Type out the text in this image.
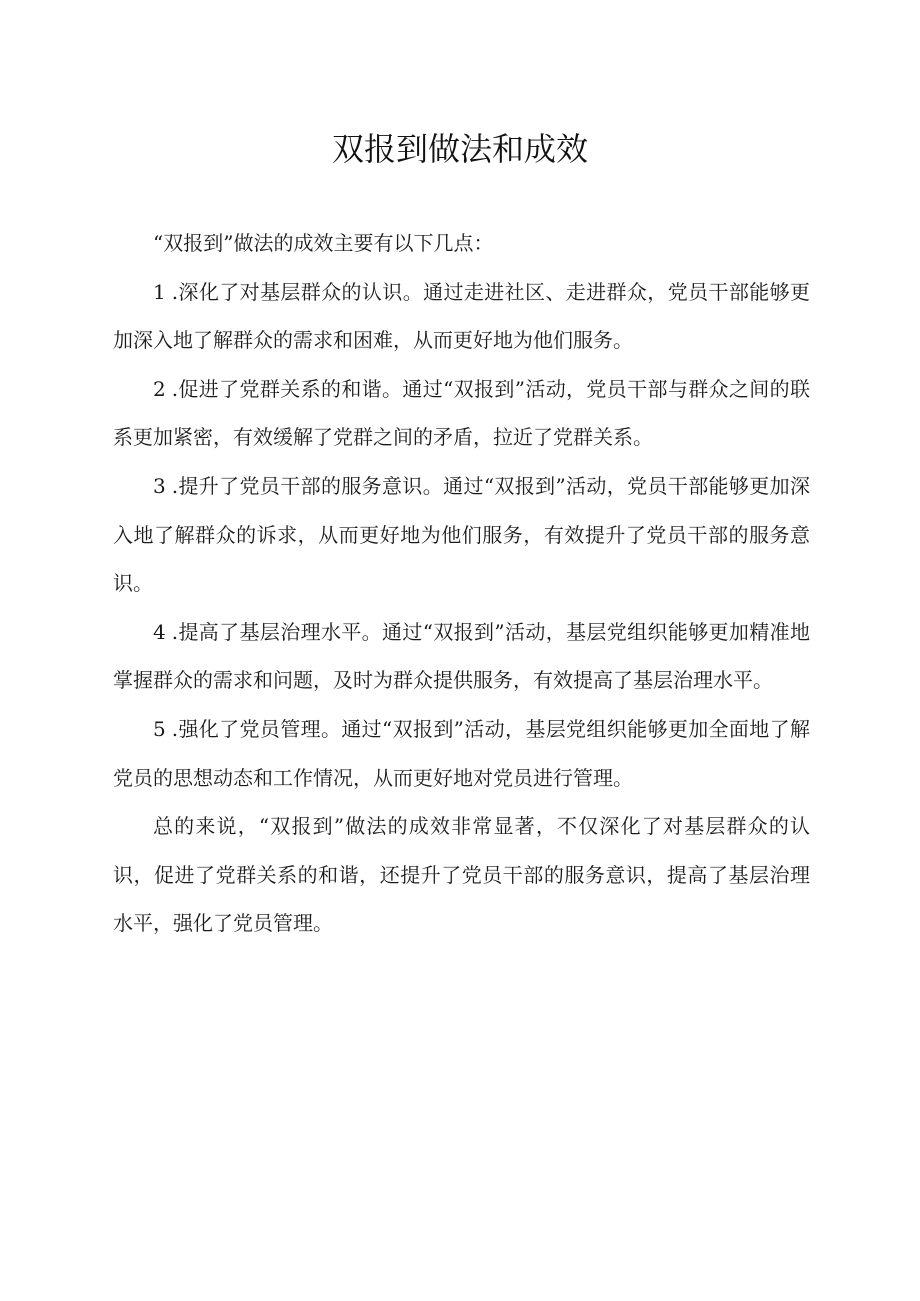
双报到做法和成效

“双报到”做法的成效主要有以下几点：

1 .深化了对基层群众的认识。通过走进社区、走进群众，党员干部能够更加深入地了解群众的需求和困难，从而更好地为他们服务。

2 .促进了党群关系的和谐。通过“双报到”活动，党员干部与群众之间的联系更加紧密，有效缓解了党群之间的矛盾，拉近了党群关系。

3 .提升了党员干部的服务意识。通过“双报到”活动，党员干部能够更加深入地了解群众的诉求，从而更好地为他们服务，有效提升了党员干部的服务意识。

4 .提高了基层治理水平。通过“双报到”活动，基层党组织能够更加精准地掌握群众的需求和问题，及时为群众提供服务，有效提高了基层治理水平。

5 .强化了党员管理。通过“双报到”活动，基层党组织能够更加全面地了解党员的思想动态和工作情况，从而更好地对党员进行管理。

总的来说，“双报到”做法的成效非常显著，不仅深化了对基层群众的认识，促进了党群关系的和谐，还提升了党员干部的服务意识，提高了基层治理水平，强化了党员管理。
